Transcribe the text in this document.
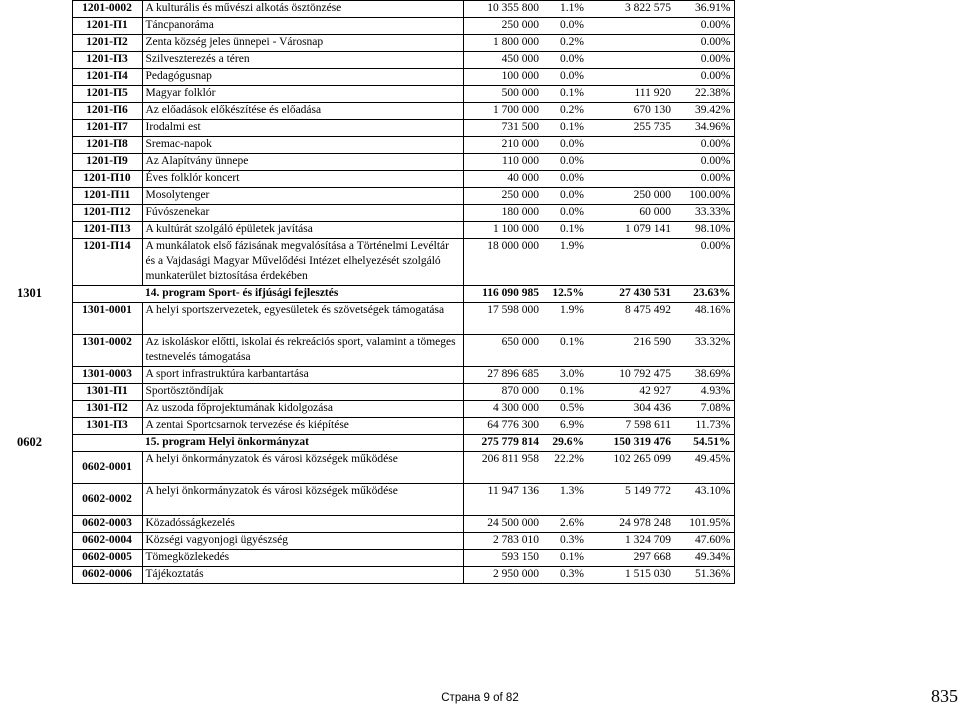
	1201-0002	A kulturális és művészi alkotás ösztönzése	10 355 800	1.1%	3 822 575	36.91%
	1201-П1	Táncpanoráma	250 000	0.0%		0.00%
	1201-П2	Zenta község jeles ünnepei - Városnap	1 800 000	0.2%		0.00%
	1201-П3	Szilveszterezés a téren	450 000	0.0%		0.00%
	1201-П4	Pedagógusnap	100 000	0.0%		0.00%
	1201-П5	Magyar folklór	500 000	0.1%	111 920	22.38%
	1201-П6	Az előadások előkészítése és előadása	1 700 000	0.2%	670 130	39.42%
	1201-П7	Irodalmi est	731 500	0.1%	255 735	34.96%
	1201-П8	Sremac-napok	210 000	0.0%		0.00%
	1201-П9	Az Alapítvány ünnepe	110 000	0.0%		0.00%
	1201-П10	Éves folklór koncert	40 000	0.0%		0.00%
	1201-П11	Mosolytenger	250 000	0.0%	250 000	100.00%
	1201-П12	Fúvószenekar	180 000	0.0%	60 000	33.33%
	1201-П13	A kultúrát szolgáló épületek javítása	1 100 000	0.1%	1 079 141	98.10%
	1201-П14	A munkálatok első fázisának megvalósítása a Történelmi Levéltár és a Vajdasági Magyar Művelődési Intézet elhelyezését szolgáló munkaterület biztosítása érdekében	18 000 000	1.9%		0.00%
1301		14. program Sport- és ifjúsági fejlesztés	116 090 985	12.5%	27 430 531	23.63%
	1301-0001	A helyi sportszervezetek, egyesületek és szövetségek támogatása	17 598 000	1.9%	8 475 492	48.16%
	1301-0002	Az iskoláskor előtti, iskolai és rekreációs sport, valamint a tömeges testnevelés támogatása	650 000	0.1%	216 590	33.32%
	1301-0003	A sport infrastruktúra karbantartása	27 896 685	3.0%	10 792 475	38.69%
	1301-П1	Sportösztöndíjak	870 000	0.1%	42 927	4.93%
	1301-П2	Az uszoda főprojektumának kidolgozása	4 300 000	0.5%	304 436	7.08%
	1301-П3	A zentai Sportcsarnok tervezése és kiépítése	64 776 300	6.9%	7 598 611	11.73%
0602		15. program Helyi önkormányzat	275 779 814	29.6%	150 319 476	54.51%
	0602-0001	A helyi önkormányzatok és városi községek működése	206 811 958	22.2%	102 265 099	49.45%
	0602-0002	A helyi önkormányzatok és városi községek működése	11 947 136	1.3%	5 149 772	43.10%
	0602-0003	Közadósságkezelés	24 500 000	2.6%	24 978 248	101.95%
	0602-0004	Községi vagyonjogi ügyészség	2 783 010	0.3%	1 324 709	47.60%
	0602-0005	Tömegközlekedés	593 150	0.1%	297 668	49.34%
	0602-0006	Tájékoztatás	2 950 000	0.3%	1 515 030	51.36%
Страна 9 of 82	835
